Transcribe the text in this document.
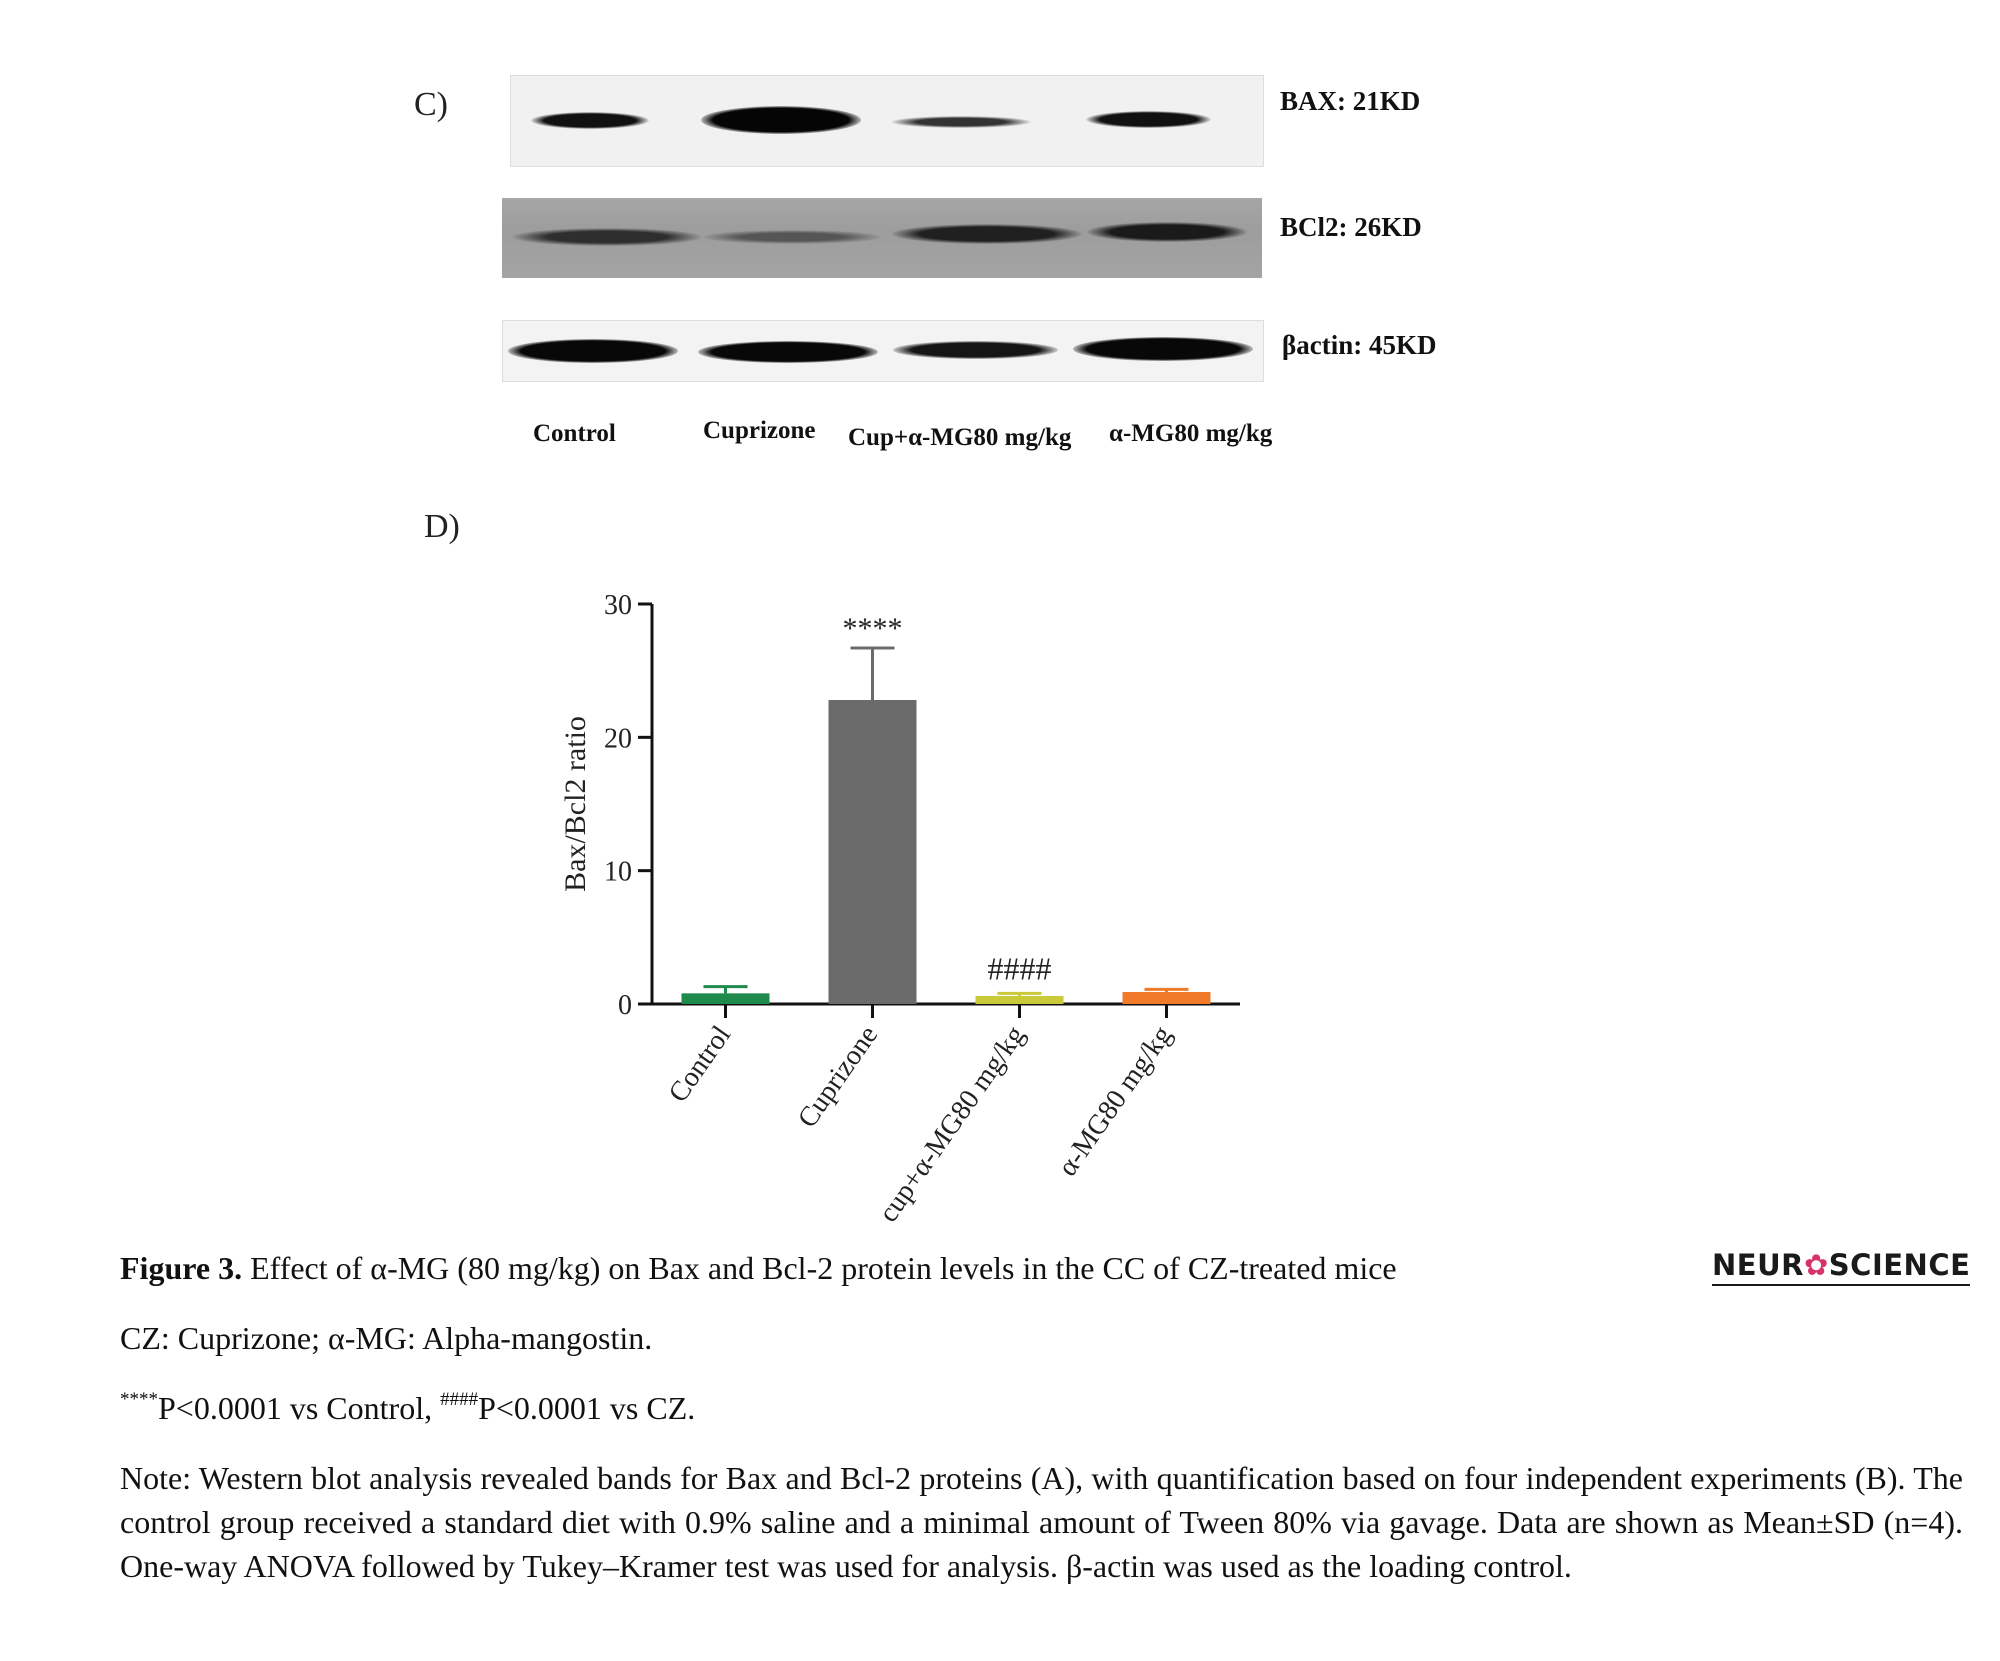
C)	BAX: 21KD
BCl2: 26KD
βactin: 45KD
Control	Cuprizone Cup+α-MG80 mg/kg α-MG80 mg/kg
D)
0
10
20
30
Bax/Bcl2 ratio
Control
****
Cuprizone
####
cup+α-MG80 mg/kg α-MG80 mg/kg
Figure 3. Effect of α-MG (80 mg/kg) on Bax and Bcl-2 protein levels in the CC of CZ-treated mice	NEUR✿SCIENCE
CZ: Cuprizone; α-MG: Alpha-mangostin.
****P<0.0001 vs Control, ####P<0.0001 vs CZ.
Note: Western blot analysis revealed bands for Bax and Bcl-2 proteins (A), with quantification based on four independent experiments (B). The control group received a standard diet with 0.9% saline and a minimal amount of Tween 80% via gavage. Data are shown as Mean±SD (n=4). One-way ANOVA followed by Tukey–Kramer test was used for analysis. β-actin was used as the loading control.
